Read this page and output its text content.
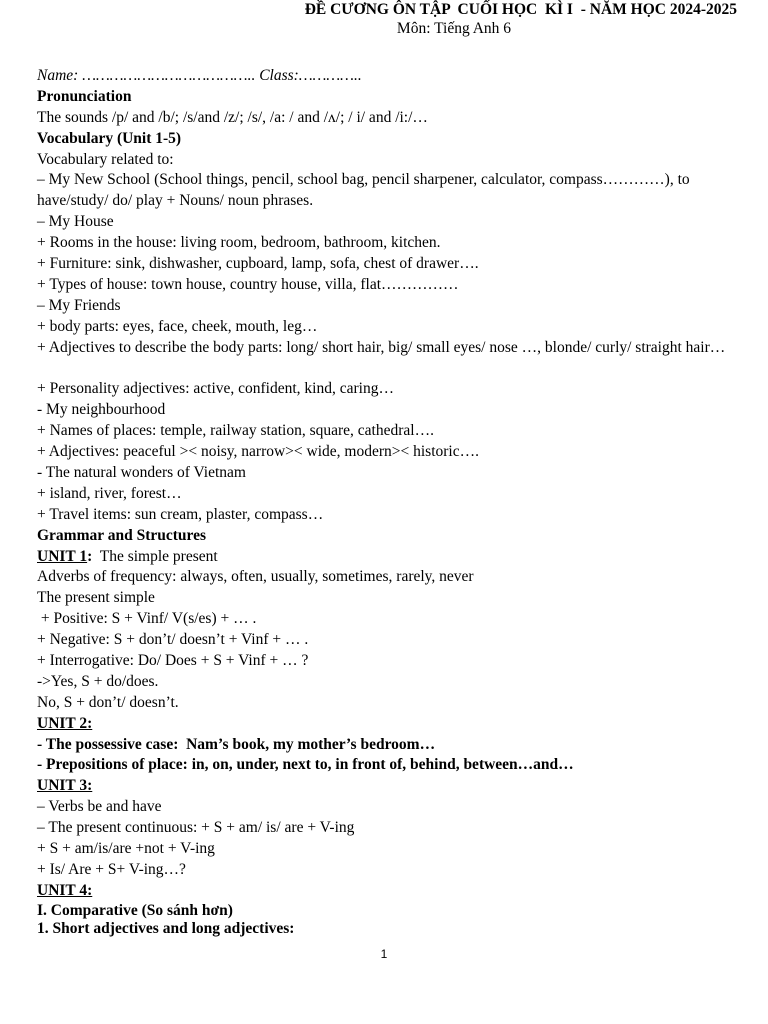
ĐỀ CƯƠNG ÔN TẬP  CUỐI HỌC  KÌ I  - NĂM HỌC 2024-2025
Môn: Tiếng Anh 6
Name: ……………………………….. Class:…………..
Pronunciation
The sounds /p/ and /b/; /s/and /z/; /s/, /a: / and /ʌ/; / i/ and /i:/…
Vocabulary (Unit 1-5)
Vocabulary related to:
– My New School (School things, pencil, school bag, pencil sharpener, calculator, compass…………), to have/study/ do/ play + Nouns/ noun phrases.
– My House
+ Rooms in the house: living room, bedroom, bathroom, kitchen.
+ Furniture: sink, dishwasher, cupboard, lamp, sofa, chest of drawer….
+ Types of house: town house, country house, villa, flat……………
– My Friends
+ body parts: eyes, face, cheek, mouth, leg…
+ Adjectives to describe the body parts: long/ short hair, big/ small eyes/ nose …, blonde/ curly/ straight hair…
+ Personality adjectives: active, confident, kind, caring…
- My neighbourhood
+ Names of places: temple, railway station, square, cathedral….
+ Adjectives: peaceful >< noisy, narrow>< wide, modern>< historic….
- The natural wonders of Vietnam
+ island, river, forest…
+ Travel items: sun cream, plaster, compass…
Grammar and Structures
UNIT 1:  The simple present
Adverbs of frequency: always, often, usually, sometimes, rarely, never
The present simple
+ Positive: S + Vinf/ V(s/es) + … .
+ Negative: S + don’t/ doesn’t + Vinf + … .
+ Interrogative: Do/ Does + S + Vinf + … ?
->Yes, S + do/does.
No, S + don’t/ doesn’t.
UNIT 2:
- The possessive case:  Nam’s book, my mother’s bedroom…
- Prepositions of place: in, on, under, next to, in front of, behind, between…and…
UNIT 3:
– Verbs be and have
– The present continuous: + S + am/ is/ are + V-ing
+ S + am/is/are +not + V-ing
+ Is/ Are + S+ V-ing…?
UNIT 4:
I. Comparative (So sánh hơn)
1. Short adjectives and long adjectives:
1
